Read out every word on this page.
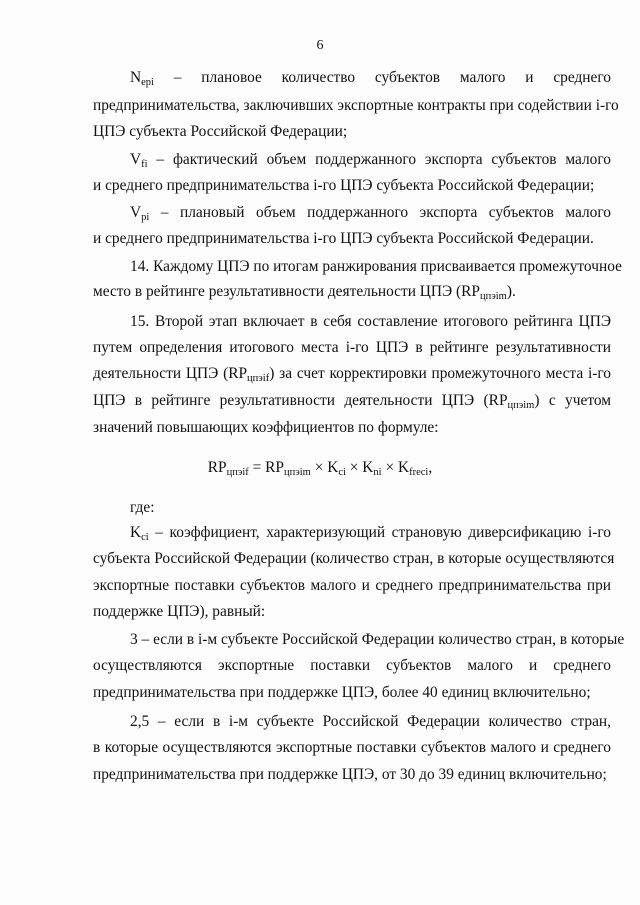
6
$N_{epi}$ – плановое количество субъектов малого и среднего
предпринимательства, заключивших экспортные контракты при содействии i-го
ЦПЭ субъекта Российской Федерации;
$V_{fi}$ – фактический объем поддержанного экспорта субъектов малого
и среднего предпринимательства i-го ЦПЭ субъекта Российской Федерации;
$V_{pi}$ – плановый объем поддержанного экспорта субъектов малого
и среднего предпринимательства i-го ЦПЭ субъекта Российской Федерации.
14. Каждому ЦПЭ по итогам ранжирования присваивается промежуточное
место в рейтинге результативности деятельности ЦПЭ $(RP_{цпэim})$.
15. Второй этап включает в себя составление итогового рейтинга ЦПЭ
путем определения итогового места i-го ЦПЭ в рейтинге результативности
деятельности ЦПЭ $(RP_{цпэif})$ за счет корректировки промежуточного места i-го
ЦПЭ в рейтинге результативности деятельности ЦПЭ $(RP_{цпэim})$ с учетом
значений повышающих коэффициентов по формуле:
$RP_{цпэif} = RP_{цпэim} \times K_{ci} \times K_{ni} \times K_{freci}$,
где:
$K_{ci}$ – коэффициент, характеризующий страновую диверсификацию i-го
субъекта Российской Федерации (количество стран, в которые осуществляются
экспортные поставки субъектов малого и среднего предпринимательства при
поддержке ЦПЭ), равный:
3 – если в i-м субъекте Российской Федерации количество стран, в которые
осуществляются экспортные поставки субъектов малого и среднего
предпринимательства при поддержке ЦПЭ, более 40 единиц включительно;
2,5 – если в i-м субъекте Российской Федерации количество стран,
в которые осуществляются экспортные поставки субъектов малого и среднего
предпринимательства при поддержке ЦПЭ, от 30 до 39 единиц включительно;
